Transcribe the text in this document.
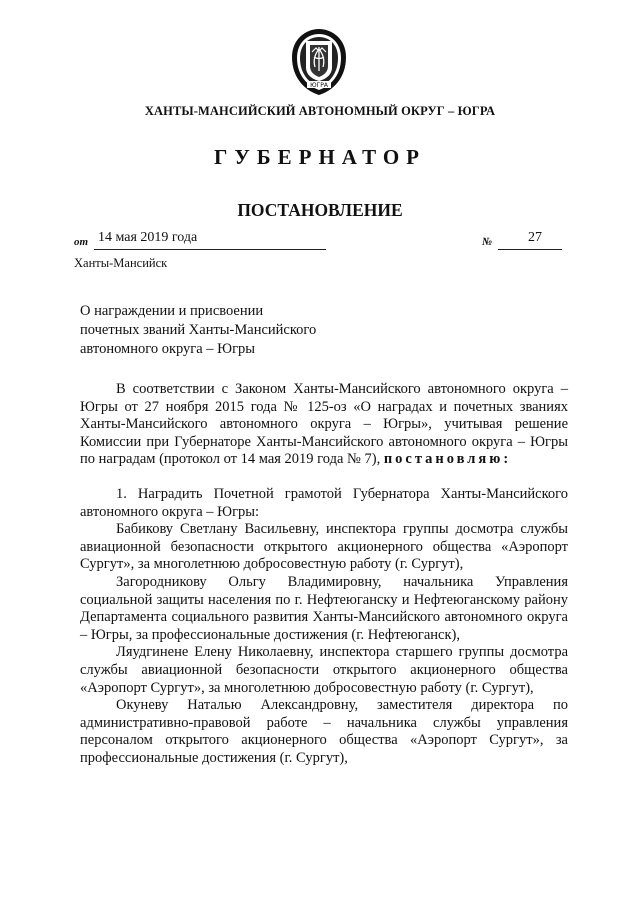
ЮГРА
ХАНТЫ-МАНСИЙСКИЙ АВТОНОМНЫЙ ОКРУГ – ЮГРА
ГУБЕРНАТОР
ПОСТАНОВЛЕНИЕ
от 14 мая 2019 года	№	27
Ханты-Мансийск
О награждении и присвоении
почетных званий Ханты-Мансийского
автономного округа – Югры

В соответствии с Законом Ханты-Мансийского автономного округа – Югры от 27 ноября 2015 года № 125-оз «О наградах и почетных званиях Ханты-Мансийского автономного округа – Югры», учитывая решение Комиссии при Губернаторе Ханты-Мансийского автономного округа – Югры по наградам (протокол от 14 мая 2019 года № 7), постановляю:

1. Наградить Почетной грамотой Губернатора Ханты-Мансийского автономного округа – Югры:

Бабикову Светлану Васильевну, инспектора группы досмотра службы авиационной безопасности открытого акционерного общества «Аэропорт Сургут», за многолетнюю добросовестную работу (г. Сургут),

Загородникову Ольгу Владимировну, начальника Управления социальной защиты населения по г. Нефтеюганску и Нефтеюганскому району Департамента социального развития Ханты-Мансийского автономного округа – Югры, за профессиональные достижения (г. Нефтеюганск),

Ляудгинене Елену Николаевну, инспектора старшего группы досмотра службы авиационной безопасности открытого акционерного общества «Аэропорт Сургут», за многолетнюю добросовестную работу (г. Сургут),

Окуневу Наталью Александровну, заместителя директора по административно-правовой работе – начальника службы управления персоналом открытого акционерного общества «Аэропорт Сургут», за профессиональные достижения (г. Сургут),
